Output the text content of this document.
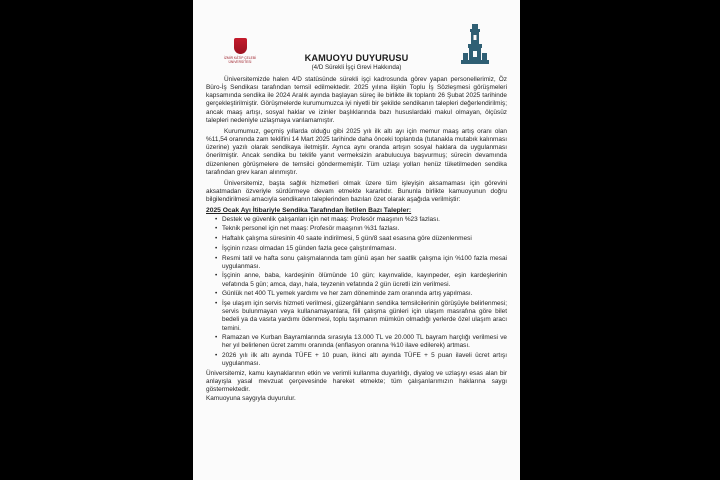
İZMİR KÂTİP ÇELEBİ ÜNİVERSİTESİ	KAMUOYU DUYURUSU
(4/D Sürekli İşçi Grevi Hakkında)

Üniversitemizde halen 4/D statüsünde sürekli işçi kadrosunda görev yapan personellerimiz, Öz Büro-İş Sendikası tarafından temsil edilmektedir. 2025 yılına ilişkin Toplu İş Sözleşmesi görüşmeleri kapsamında sendika ile 2024 Aralık ayında başlayan süreç ile birlikte ilk toplantı 26 Şubat 2025 tarihinde gerçekleştirilmiştir. Görüşmelerde kurumumuzca iyi niyetli bir şekilde sendikanın talepleri değerlendirilmiş; ancak maaş artışı, sosyal haklar ve izinler başlıklarında bazı hususlardaki makul olmayan, ölçüsüz talepleri nedeniyle uzlaşmaya varılamamıştır.

Kurumumuz, geçmiş yıllarda olduğu gibi 2025 yılı ilk altı ayı için memur maaş artış oranı olan %11,54 oranında zam teklifini 14 Mart 2025 tarihinde daha önceki toplantıda (tutanakla mutabık kalınması üzerine) yazılı olarak sendikaya iletmiştir. Ayrıca aynı oranda artışın sosyal haklara da uygulanması önerilmiştir. Ancak sendika bu teklife yanıt vermeksizin arabulucuya başvurmuş; sürecin devamında düzenlenen görüşmelere de temsilci göndermemiştir. Tüm uzlaşı yolları henüz tüketilmeden sendika tarafından grev kararı alınmıştır.

Üniversitemiz, başta sağlık hizmetleri olmak üzere tüm işleyişin aksamaması için görevini aksatmadan özveriyle sürdürmeye devam etmekte kararlıdır. Bununla birlikte kamuoyunun doğru bilgilendirilmesi amacıyla sendikanın taleplerinden bazıları özet olarak aşağıda verilmiştir:

2025 Ocak Ayı İtibariyle Sendika Tarafından İletilen Bazı Talepler:
• Destek ve güvenlik çalışanları için net maaş: Profesör maaşının %23 fazlası.
• Teknik personel için net maaş: Profesör maaşının %31 fazlası.
• Haftalık çalışma süresinin 40 saate indirilmesi, 5 gün/8 saat esasına göre düzenlenmesi
• İşçinin rızası olmadan 15 günden fazla gece çalıştırılmaması.
• Resmi tatil ve hafta sonu çalışmalarında tam günü aşan her saatlik çalışma için %100 fazla mesai uygulanması.
• İşçinin anne, baba, kardeşinin ölümünde 10 gün; kayınvalide, kayınpeder, eşin kardeşlerinin vefatında 5 gün; amca, dayı, hala, teyzenin vefatında 2 gün ücretli izin verilmesi.
• Günlük net 400 TL yemek yardımı ve her zam döneminde zam oranında artış yapılması.
• İşe ulaşım için servis hizmeti verilmesi, güzergâhların sendika temsilcilerinin görüşüyle belirlenmesi; servis bulunmayan veya kullanamayanlara, fiili çalışma günleri için ulaşım masrafına göre bilet bedeli ya da vasıta yardımı ödenmesi, toplu taşımanın mümkün olmadığı yerlerde özel ulaşım aracı temini.
• Ramazan ve Kurban Bayramlarında sırasıyla 13.000 TL ve 20.000 TL bayram harçlığı verilmesi ve her yıl belirlenen ücret zammı oranında (enflasyon oranına %10 ilave edilerek) artması.
• 2026 yılı ilk altı ayında TÜFE + 10 puan, ikinci altı ayında TÜFE + 5 puan ilaveli ücret artışı uygulanması.

Üniversitemiz, kamu kaynaklarının etkin ve verimli kullanma duyarlılığı, diyalog ve uzlaşıyı esas alan bir anlayışla yasal mevzuat çerçevesinde hareket etmekte; tüm çalışanlarımızın haklarına saygı göstermektedir.

Kamuoyuna saygıyla duyurulur.
